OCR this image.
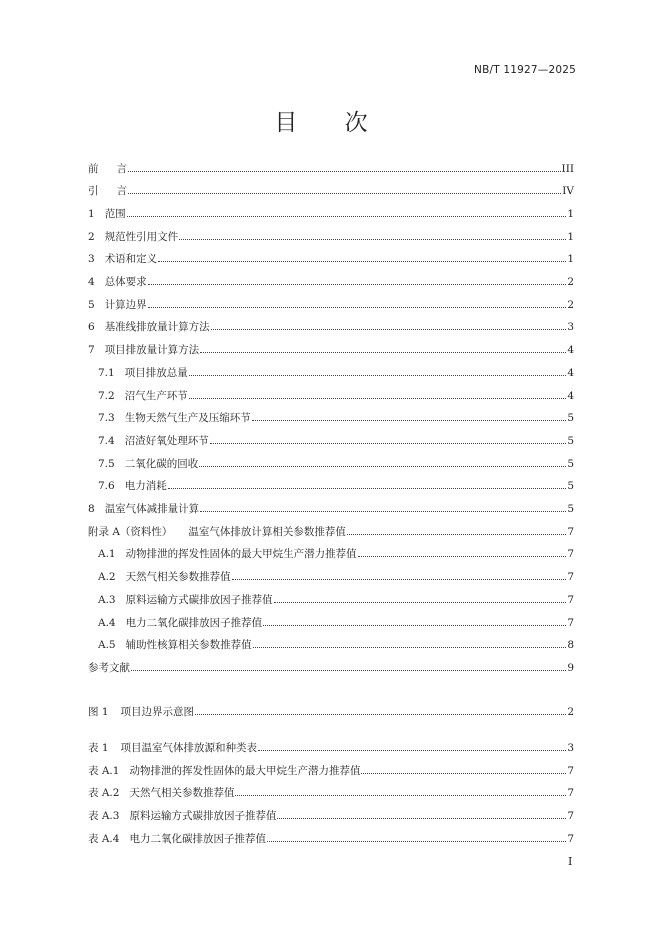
NB/T 11927—2025
目 次
前 言	III
引 言	IV
1 范围	1
2 规范性引用文件	1
3 术语和定义	1
4 总体要求	2
5 计算边界	2
6 基准线排放量计算方法	3
7 项目排放量计算方法	4
7.1 项目排放总量	4
7.2 沼气生产环节	4
7.3 生物天然气生产及压缩环节	5
7.4 沼渣好氧处理环节	5
7.5 二氧化碳的回收	5
7.6 电力消耗	5
8 温室气体减排量计算	5
附录 A（资料性） 温室气体排放计算相关参数推荐值	7
A.1 动物排泄的挥发性固体的最大甲烷生产潜力推荐值	7
A.2 天然气相关参数推荐值	7
A.3 原料运输方式碳排放因子推荐值	7
A.4 电力二氧化碳排放因子推荐值	7
A.5 辅助性核算相关参数推荐值	8
参考文献	9
图 1 项目边界示意图	2
表 1 项目温室气体排放源和种类表	3
表 A.1 动物排泄的挥发性固体的最大甲烷生产潜力推荐值	7
表 A.2 天然气相关参数推荐值	7
表 A.3 原料运输方式碳排放因子推荐值	7
表 A.4 电力二氧化碳排放因子推荐值	7
I
